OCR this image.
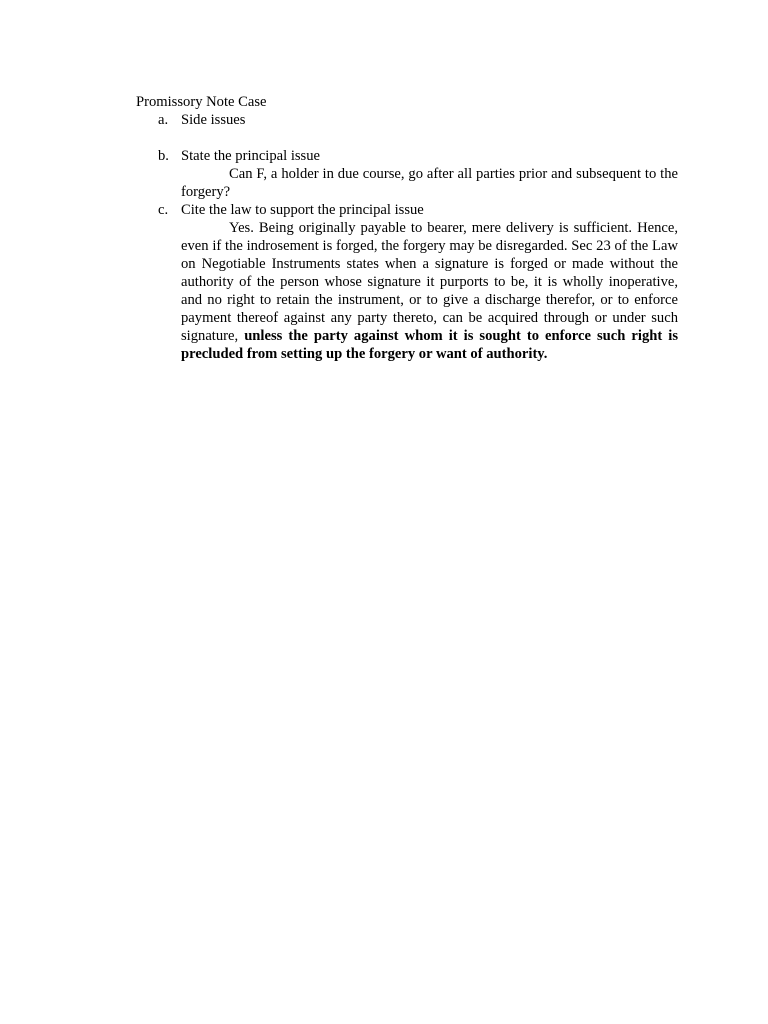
Promissory Note Case
a. Side issues
b. State the principal issue
Can F, a holder in due course, go after all parties prior and subsequent to the forgery?
c. Cite the law to support the principal issue
Yes. Being originally payable to bearer, mere delivery is sufficient. Hence, even if the indrosement is forged, the forgery may be disregarded. Sec 23 of the Law on Negotiable Instruments states when a signature is forged or made without the authority of the person whose signature it purports to be, it is wholly inoperative, and no right to retain the instrument, or to give a discharge therefor, or to enforce payment thereof against any party thereto, can be acquired through or under such signature, unless the party against whom it is sought to enforce such right is precluded from setting up the forgery or want of authority.
